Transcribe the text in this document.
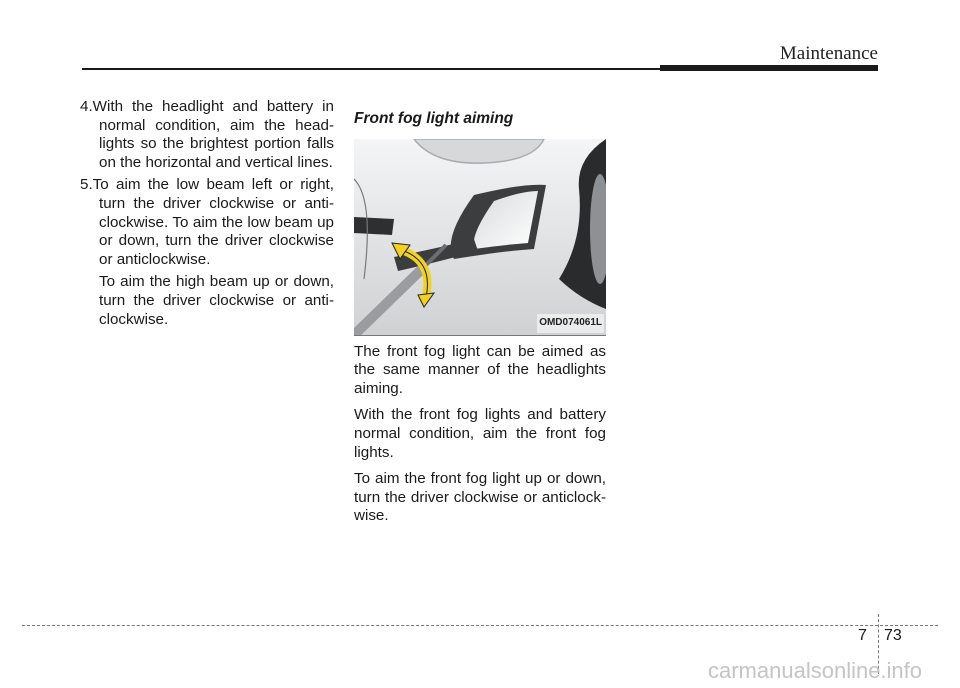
Maintenance

4.With the headlight and battery in normal condition, aim the headlights so the brightest portion falls on the horizontal and vertical lines.

5.To aim the low beam left or right, turn the driver clockwise or anticlockwise. To aim the low beam up or down, turn the driver clockwise or anticlockwise.

To aim the high beam up or down, turn the driver clockwise or anticlockwise.

Front fog light aiming
OMD074061L

The front fog light can be aimed as the same manner of the headlights aiming.

With the front fog lights and battery normal condition, aim the front fog lights.

To aim the front fog light up or down, turn the driver clockwise or anticlockwise.

7 73
carmanualsonline.info
